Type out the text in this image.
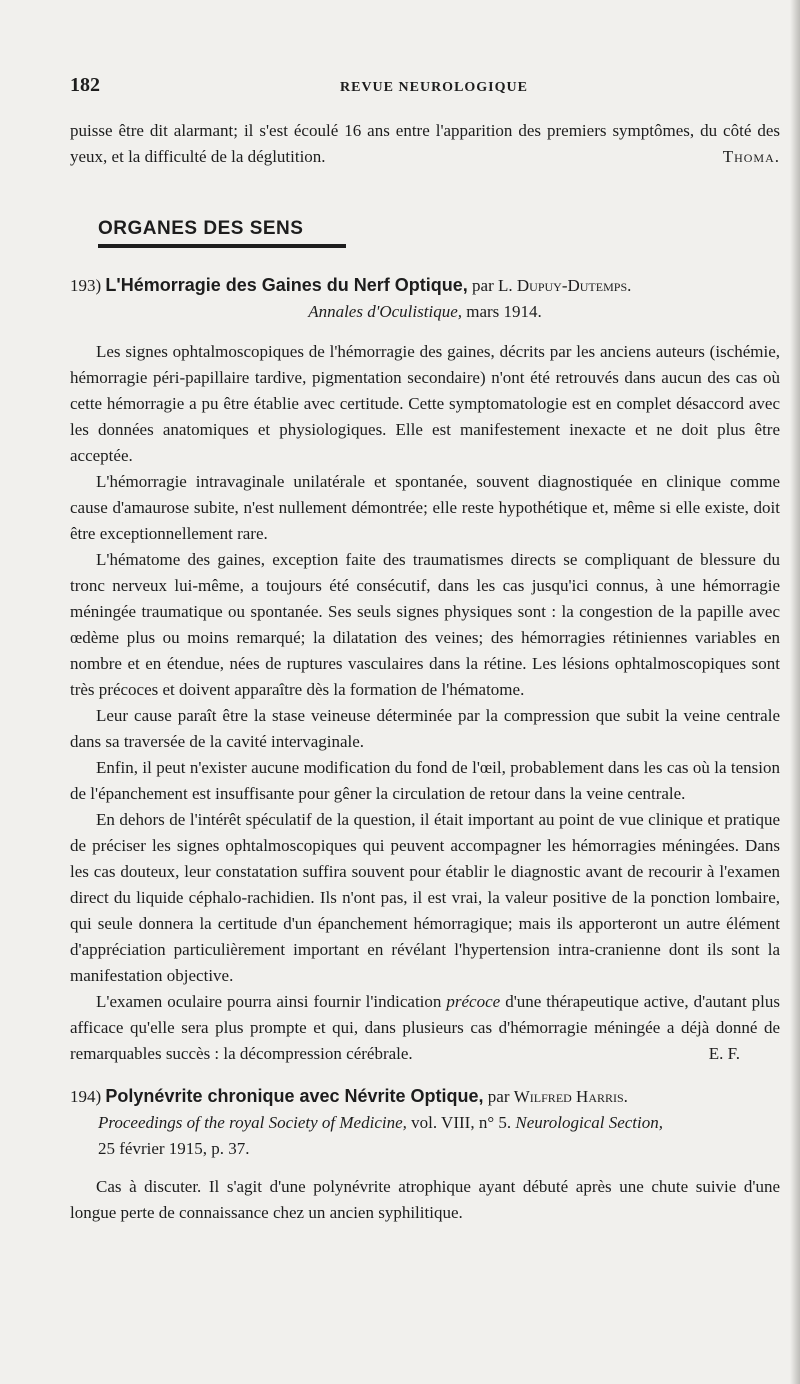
182	REVUE NEUROLOGIQUE

puisse être dit alarmant; il s'est écoulé 16 ans entre l'apparition des premiers symptômes, du côté des yeux, et la difficulté de la déglutition.	Thoma.

ORGANES DES SENS
193) L'Hémorragie des Gaines du Nerf Optique, par L. Dupuy-Dutemps.
Annales d'Oculistique, mars 1914.

Les signes ophtalmoscopiques de l'hémorragie des gaines, décrits par les anciens auteurs (ischémie, hémorragie péri-papillaire tardive, pigmentation secondaire) n'ont été retrouvés dans aucun des cas où cette hémorragie a pu être établie avec certitude. Cette symptomatologie est en complet désaccord avec les données anatomiques et physiologiques. Elle est manifestement inexacte et ne doit plus être acceptée.

L'hémorragie intravaginale unilatérale et spontanée, souvent diagnostiquée en clinique comme cause d'amaurose subite, n'est nullement démontrée; elle reste hypothétique et, même si elle existe, doit être exceptionnellement rare.

L'hématome des gaines, exception faite des traumatismes directs se compliquant de blessure du tronc nerveux lui-même, a toujours été consécutif, dans les cas jusqu'ici connus, à une hémorragie méningée traumatique ou spontanée. Ses seuls signes physiques sont : la congestion de la papille avec œdème plus ou moins remarqué; la dilatation des veines; des hémorragies rétiniennes variables en nombre et en étendue, nées de ruptures vasculaires dans la rétine. Les lésions ophtalmoscopiques sont très précoces et doivent apparaître dès la formation de l'hématome.

Leur cause paraît être la stase veineuse déterminée par la compression que subit la veine centrale dans sa traversée de la cavité intervaginale.

Enfin, il peut n'exister aucune modification du fond de l'œil, probablement dans les cas où la tension de l'épanchement est insuffisante pour gêner la circulation de retour dans la veine centrale.

En dehors de l'intérêt spéculatif de la question, il était important au point de vue clinique et pratique de préciser les signes ophtalmoscopiques qui peuvent accompagner les hémorragies méningées. Dans les cas douteux, leur constatation suffira souvent pour établir le diagnostic avant de recourir à l'examen direct du liquide céphalo-rachidien. Ils n'ont pas, il est vrai, la valeur positive de la ponction lombaire, qui seule donnera la certitude d'un épanchement hémorragique; mais ils apporteront un autre élément d'appréciation particulièrement important en révélant l'hypertension intra-cranienne dont ils sont la manifestation objective.

L'examen oculaire pourra ainsi fournir l'indication précoce d'une thérapeutique active, d'autant plus afficace qu'elle sera plus prompte et qui, dans plusieurs cas d'hémorragie méningée a déjà donné de remarquables succès : la décompression cérébrale.	E. F.

194) Polynévrite chronique avec Névrite Optique, par Wilfred Harris.
Proceedings of the royal Society of Medicine, vol. VIII, n° 5. Neurological Section,
25 février 1915, p. 37.

Cas à discuter. Il s'agit d'une polynévrite atrophique ayant débuté après une chute suivie d'une longue perte de connaissance chez un ancien syphilitique.
